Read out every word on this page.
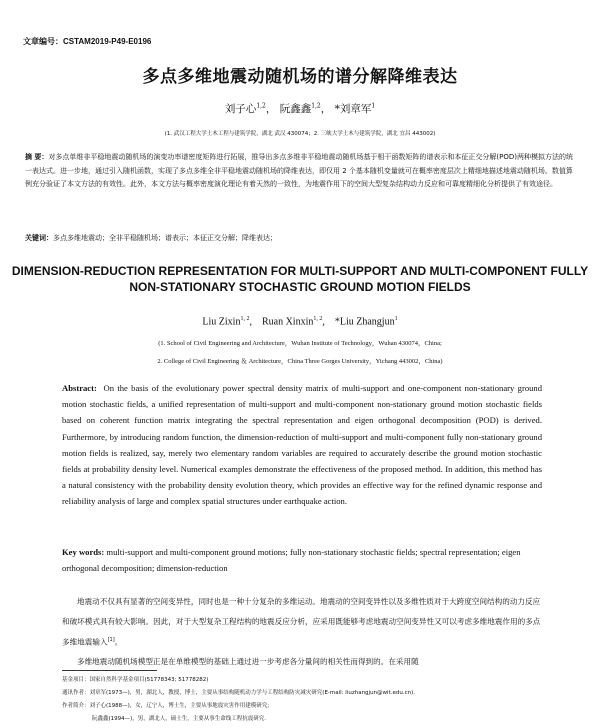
文章编号：CSTAM2019-P49-E0196
多点多维地震动随机场的谱分解降维表达
刘子心$^{1,2}$， 阮鑫鑫$^{1,2}$， *刘章军$^1$
(1. 武汉工程大学土木工程与建筑学院，湖北 武汉 430074；2. 三峡大学土木与建筑学院，湖北 宜昌 443002)
摘 要：对多点单维非平稳地震动随机场的演变功率谱密度矩阵进行拓展，推导出多点多维非平稳地震动随机场基于相干函数矩阵的谱表示和本征正交分解(POD)两种模拟方法的统一表达式。进一步地，通过引入随机函数，实现了多点多维全非平稳地震动随机场的降维表达，即仅用 2 个基本随机变量就可在概率密度层次上精细地描述地震动随机场。数值算例充分验证了本文方法的有效性。此外，本文方法与概率密度演化理论有着天然的一致性，为地震作用下的空间大型复杂结构动力反应和可靠度精细化分析提供了有效途径。
关键词：多点多维地震动；全非平稳随机场；谱表示；本征正交分解；降维表达；
DIMENSION-REDUCTION REPRESENTATION FOR MULTI-SUPPORT AND MULTI-COMPONENT FULLY NON-STATIONARY STOCHASTIC GROUND MOTION FIELDS
Liu Zixin$^{1, 2}$,    Ruan Xinxin$^{1, 2}$,    *Liu Zhangjun$^1$
(1. School of Civil Engineering and Architecture，Wuhan Institute of Technology，Wuhan 430074，China;
2. College of Civil Engineering ＆ Architecture，China Three Gorges University，Yichang 443002，China)
Abstract: On the basis of the evolutionary power spectral density matrix of multi-support and one-component non-stationary ground motion stochastic fields, a unified representation of multi-support and multi-component non-stationary ground motion stochastic fields based on coherent function matrix integrating the spectral representation and eigen orthogonal decomposition (POD) is derived. Furthermore, by introducing random function, the dimension-reduction of multi-support and multi-component fully non-stationary ground motion fields is realized, say, merely two elementary random variables are required to accurately describe the ground motion stochastic fields at probability density level. Numerical examples demonstrate the effectiveness of the proposed method. In addition, this method has a natural consistency with the probability density evolution theory, which provides an effective way for the refined dynamic response and reliability analysis of large and complex spatial structures under earthquake action.
Key words: multi-support and multi-component ground motions; fully non-stationary stochastic fields; spectral representation; eigen orthogonal decomposition; dimension-reduction

地震动不仅具有显著的空间变异性，同时也是一种十分复杂的多维运动。地震动的空间变异性以及多维性质对于大跨度空间结构的动力反应和破坏模式具有较大影响。因此，对于大型复杂工程结构的地震反应分析，应采用既能够考虑地震动空间变异性又可以考虑多维地震作用的多点多维地震输入[1]。

多维地震动随机场模型正是在单维模型的基础上通过进一步考虑各分量间的相关性而得到的。在采用随

基金项目：国家自然科学基金项目(51778343; 51778282)
通讯作者：刘章军(1973—)，男，湖北人，教授，博士，主要从事结构随机动力学与工程结构防灾减灾研究(E-mail: liuzhangjun@wit.edu.cn).
作者简介：刘子心(1988—)，女，辽宁人，博士生，主要从事地震灾害作用建模研究;
阮鑫鑫(1994—)，男，湖北人，硕士生，主要从事生命线工程抗震研究.
